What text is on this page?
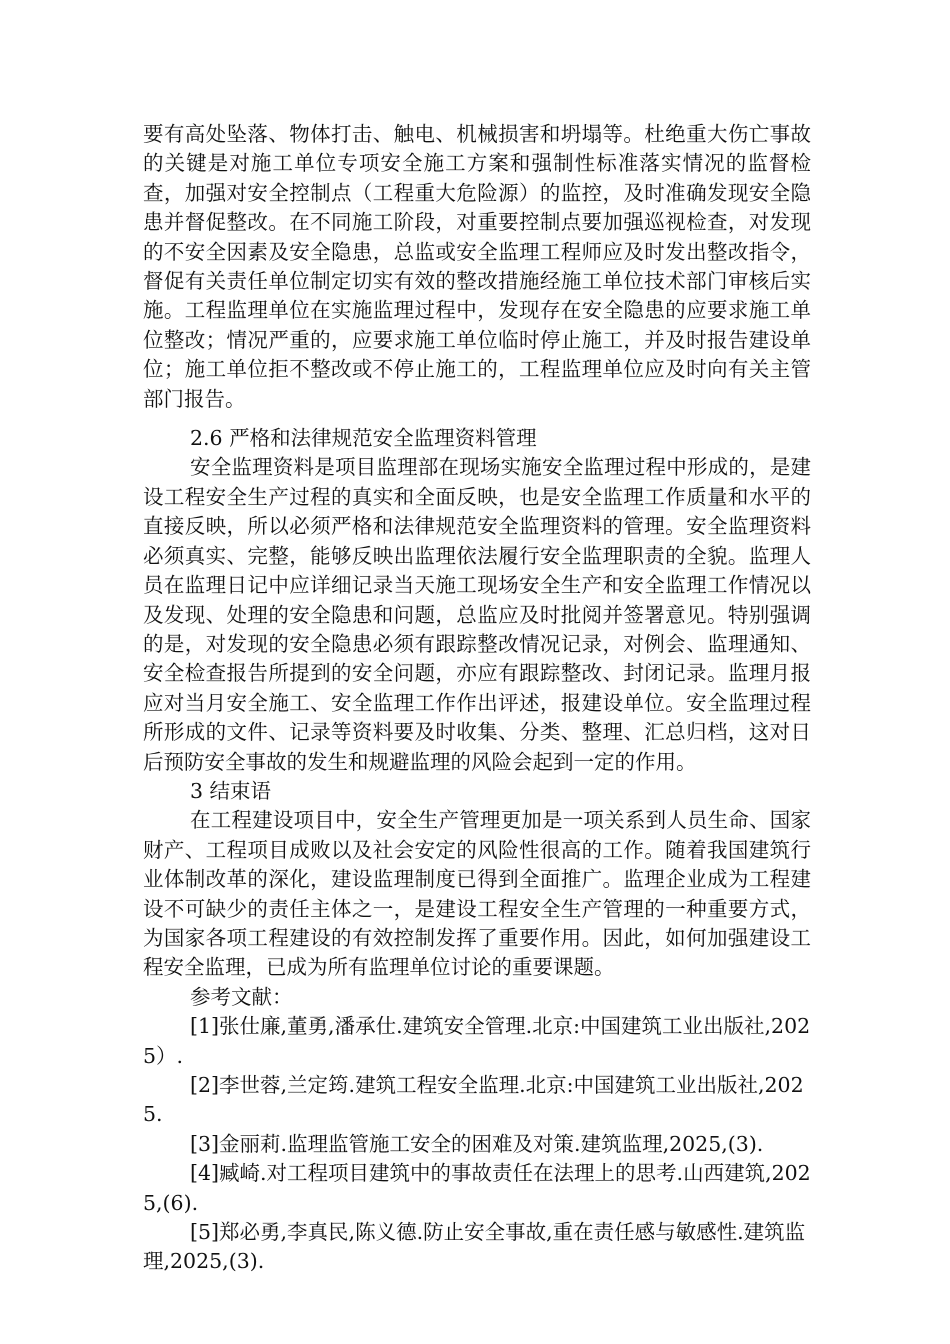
要有高处坠落、物体打击、触电、机械损害和坍塌等。杜绝重大伤亡事故的关键是对施工单位专项安全施工方案和强制性标准落实情况的监督检查，加强对安全控制点（工程重大危险源）的监控，及时准确发现安全隐患并督促整改。在不同施工阶段，对重要控制点要加强巡视检查，对发现的不安全因素及安全隐患，总监或安全监理工程师应及时发出整改指令，督促有关责任单位制定切实有效的整改措施经施工单位技术部门审核后实施。工程监理单位在实施监理过程中，发现存在安全隐患的应要求施工单位整改；情况严重的，应要求施工单位临时停止施工，并及时报告建设单位；施工单位拒不整改或不停止施工的，工程监理单位应及时向有关主管部门报告。

2.6 严格和法律规范安全监理资料管理

安全监理资料是项目监理部在现场实施安全监理过程中形成的，是建设工程安全生产过程的真实和全面反映，也是安全监理工作质量和水平的直接反映，所以必须严格和法律规范安全监理资料的管理。安全监理资料必须真实、完整，能够反映出监理依法履行安全监理职责的全貌。监理人员在监理日记中应详细记录当天施工现场安全生产和安全监理工作情况以及发现、处理的安全隐患和问题，总监应及时批阅并签署意见。特别强调的是，对发现的安全隐患必须有跟踪整改情况记录，对例会、监理通知、安全检查报告所提到的安全问题，亦应有跟踪整改、封闭记录。监理月报应对当月安全施工、安全监理工作作出评述，报建设单位。安全监理过程所形成的文件、记录等资料要及时收集、分类、整理、汇总归档，这对日后预防安全事故的发生和规避监理的风险会起到一定的作用。

3 结束语

在工程建设项目中，安全生产管理更加是一项关系到人员生命、国家财产、工程项目成败以及社会安定的风险性很高的工作。随着我国建筑行业体制改革的深化，建设监理制度已得到全面推广。监理企业成为工程建设不可缺少的责任主体之一，是建设工程安全生产管理的一种重要方式，为国家各项工程建设的有效控制发挥了重要作用。因此，如何加强建设工程安全监理，已成为所有监理单位讨论的重要课题。

参考文献：

[1]张仕廉,董勇,潘承仕.建筑安全管理.北京:中国建筑工业出版社,2025）.

[2]李世蓉,兰定筠.建筑工程安全监理.北京:中国建筑工业出版社,2025.

[3]金丽莉.监理监管施工安全的困难及对策.建筑监理,2025,(3).

[4]臧崎.对工程项目建筑中的事故责任在法理上的思考.山西建筑,2025,(6).

[5]郑必勇,李真民,陈义德.防止安全事故,重在责任感与敏感性.建筑监理,2025,(3).
